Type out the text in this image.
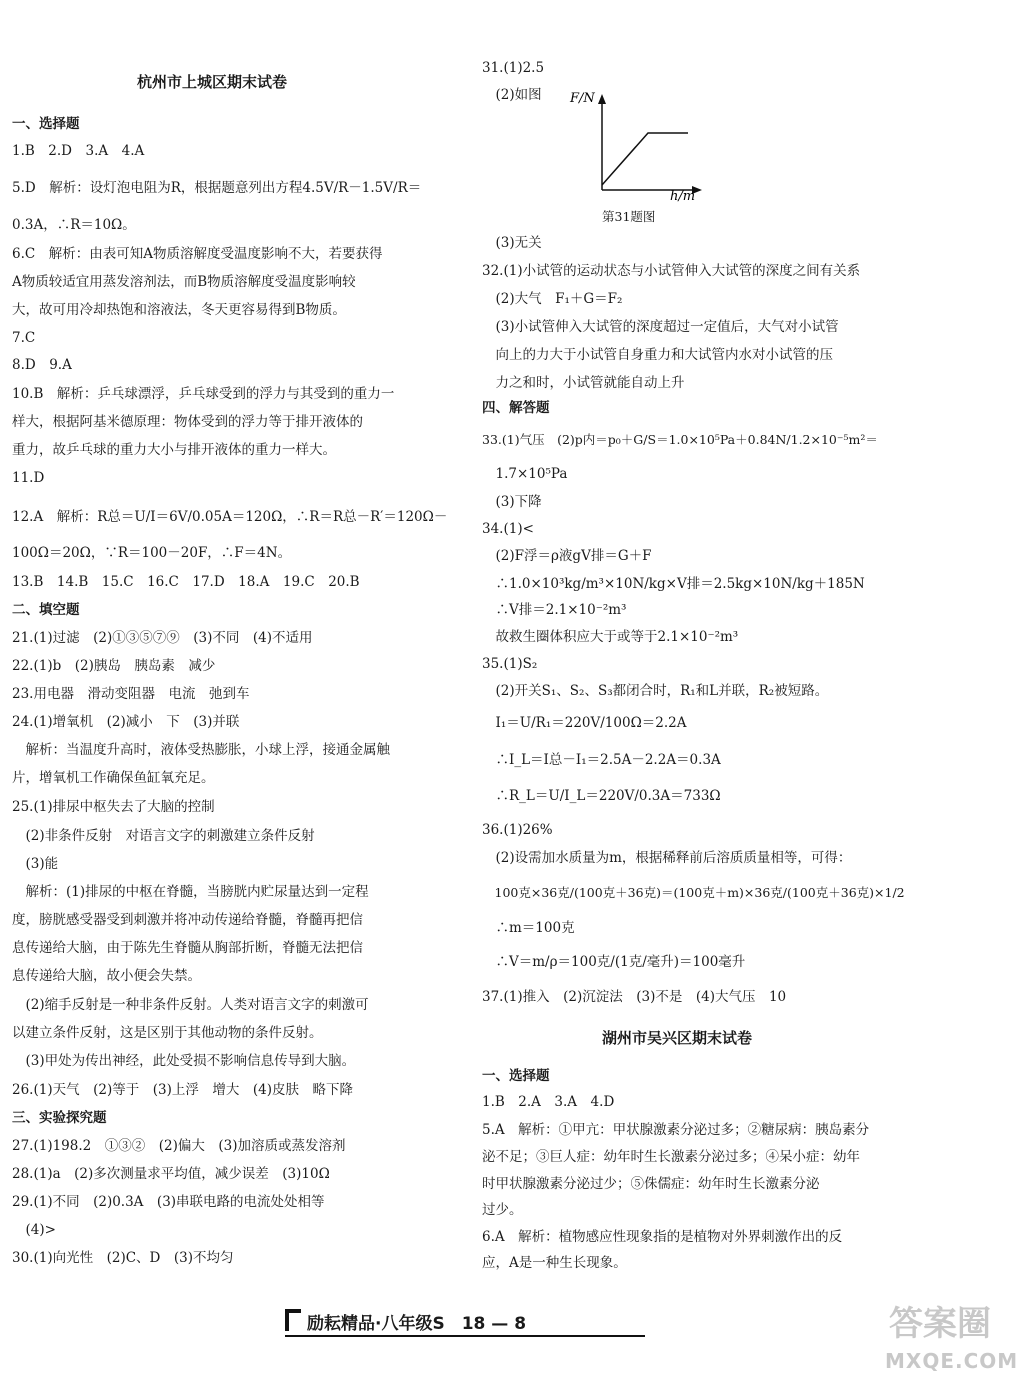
杭州市上城区期末试卷
一、选择题
1.B　2.D　3.A　4.A
5.D　解析：设灯泡电阻为R，根据题意列出方程4.5V/R－1.5V/R＝
0.3A，∴R＝10Ω。
6.C　解析：由表可知A物质溶解度受温度影响不大，若要获得
A物质较适宜用蒸发溶剂法，而B物质溶解度受温度影响较
大，故可用冷却热饱和溶液法，冬天更容易得到B物质。
7.C
8.D　9.A
10.B　解析：乒乓球漂浮，乒乓球受到的浮力与其受到的重力一
样大，根据阿基米德原理：物体受到的浮力等于排开液体的
重力，故乒乓球的重力大小与排开液体的重力一样大。
11.D
12.A　解析：R总＝U/I＝6V/0.05A＝120Ω，∴R＝R总－R′＝120Ω－
100Ω＝20Ω，∵R＝100－20F，∴F＝4N。
13.B　14.B　15.C　16.C　17.D　18.A　19.C　20.B
二、填空题
21.(1)过滤　(2)①③⑤⑦⑨　(3)不同　(4)不适用
22.(1)b　(2)胰岛　胰岛素　减少
23.用电器　滑动变阻器　电流　弛到车
24.(1)增氧机　(2)减小　下　(3)并联
　解析：当温度升高时，液体受热膨胀，小球上浮，接通金属触
片，增氧机工作确保鱼缸氧充足。
25.(1)排尿中枢失去了大脑的控制
　(2)非条件反射　对语言文字的刺激建立条件反射
　(3)能
　解析：(1)排尿的中枢在脊髓，当膀胱内贮尿量达到一定程
度，膀胱感受器受到刺激并将冲动传递给脊髓，脊髓再把信
息传递给大脑，由于陈先生脊髓从胸部折断，脊髓无法把信
息传递给大脑，故小便会失禁。
　(2)缩手反射是一种非条件反射。人类对语言文字的刺激可
以建立条件反射，这是区别于其他动物的条件反射。
　(3)甲处为传出神经，此处受损不影响信息传导到大脑。
26.(1)天气　(2)等于　(3)上浮　增大　(4)皮肤　略下降
三、实验探究题
27.(1)198.2　①③②　(2)偏大　(3)加溶质或蒸发溶剂
28.(1)a　(2)多次测量求平均值，减少误差　(3)10Ω
29.(1)不同　(2)0.3A　(3)串联电路的电流处处相等
　(4)>
30.(1)向光性　(2)C、D　(3)不均匀
31.(1)2.5
　(2)如图 F/N
h/m
第31题图
　(3)无关
32.(1)小试管的运动状态与小试管伸入大试管的深度之间有关系
　(2)大气　F₁＋G＝F₂
　(3)小试管伸入大试管的深度超过一定值后，大气对小试管
　向上的力大于小试管自身重力和大试管内水对小试管的压
　力之和时，小试管就能自动上升
四、解答题
33.(1)气压　(2)p内＝p₀＋G/S＝1.0×10⁵Pa＋0.84N/1.2×10⁻⁵m²＝
　1.7×10⁵Pa
　(3)下降
34.(1)<
　(2)F浮＝ρ液gV排＝G＋F
　∴1.0×10³kg/m³×10N/kg×V排＝2.5kg×10N/kg＋185N
　∴V排＝2.1×10⁻²m³
　故救生圈体积应大于或等于2.1×10⁻²m³
35.(1)S₂
　(2)开关S₁、S₂、S₃都闭合时，R₁和L并联，R₂被短路。
　I₁＝U/R₁＝220V/100Ω＝2.2A
　∴I_L＝I总－I₁＝2.5A－2.2A＝0.3A
　∴R_L＝U/I_L＝220V/0.3A＝733Ω
36.(1)26%
　(2)设需加水质量为m，根据稀释前后溶质质量相等，可得：
　100克×36克/(100克＋36克)＝(100克＋m)×36克/(100克＋36克)×1/2
　∴m＝100克
　∴V＝m/ρ＝100克/(1克/毫升)＝100毫升
37.(1)推入　(2)沉淀法　(3)不是　(4)大气压　10
湖州市吴兴区期末试卷
一、选择题
1.B　2.A　3.A　4.D
5.A　解析：①甲亢：甲状腺激素分泌过多；②糖尿病：胰岛素分
泌不足；③巨人症：幼年时生长激素分泌过多；④呆小症：幼年
时甲状腺激素分泌过少；⑤侏儒症：幼年时生长激素分泌
过少。
6.A　解析：植物感应性现象指的是植物对外界刺激作出的反
应，A是一种生长现象。
励耘精品·八年级S　18 — 8	答案圈
MXQE.COM
